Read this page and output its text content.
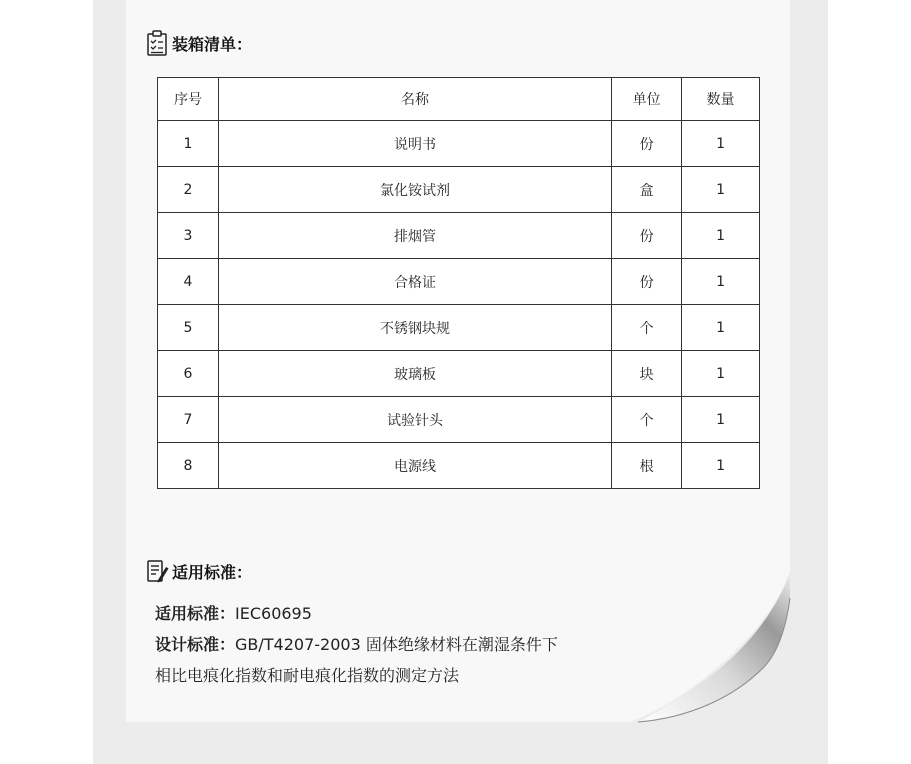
装箱清单：
序号	名称	单位	数量
1	说明书	份	1
2	氯化铵试剂	盒	1
3	排烟管	份	1
4	合格证	份	1
5	不锈钢块规	个	1
6	玻璃板	块	1
7	试验针头	个	1
8	电源线	根	1
适用标准：
适用标准：IEC60695
设计标准：GB/T4207-2003 固体绝缘材料在潮湿条件下
相比电痕化指数和耐电痕化指数的测定方法
